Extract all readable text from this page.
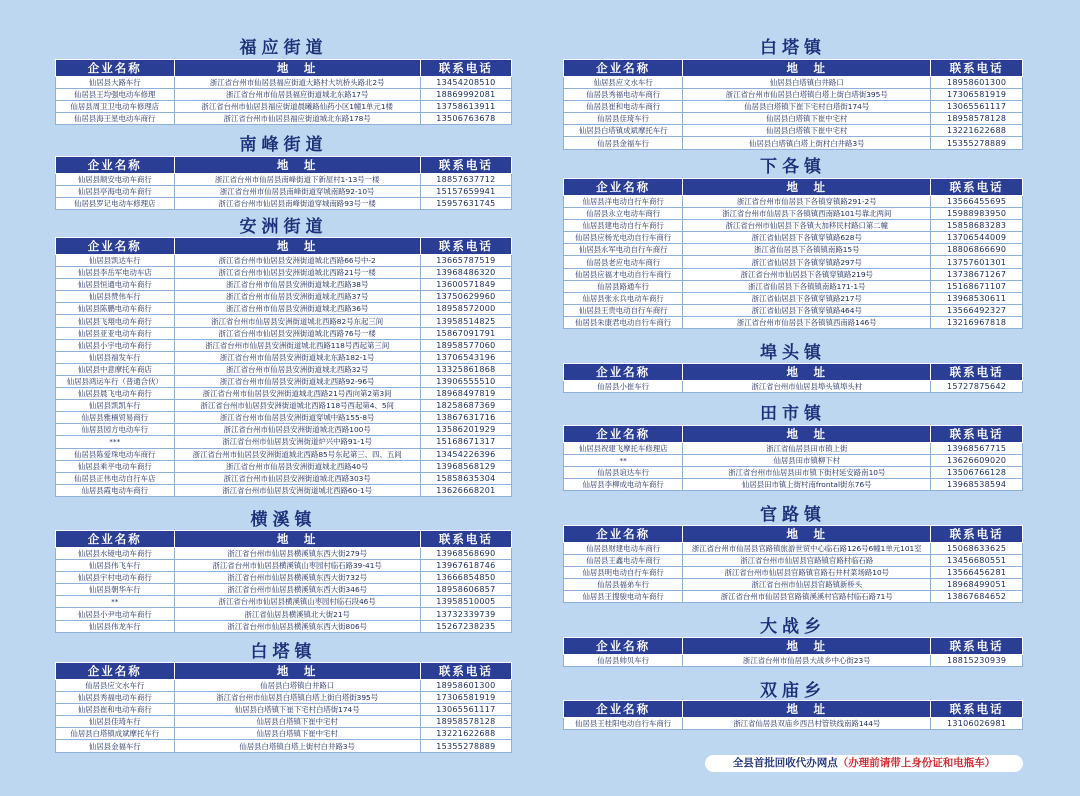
福应街道
企业名称	地　址	联系电话
仙居县大路车行	浙江省台州市仙居县福应街道大路村大坑桥头路北2号	13454208510
仙居县王均强电动车修理	浙江省台州市仙居县福应街道城北东路17号	18869992081
仙居县周卫卫电动车修理店	浙江省台州市仙居县福应街道晨曦路仙药小区1幢1单元1楼	13758613911
仙居县海王星电动车商行	浙江省台州市仙居县福应街道城北东路178号	13506763678
南峰街道
企业名称	地　址	联系电话
仙居县顺安电动车商行	浙江省台州市仙居县南峰街道下新屋村1-13号一楼	18857637712
仙居县亭海电动车商行	浙江省台州市仙居县南峰街道穿城南路92-10号	15157659941
仙居县罗记电动车修理店	浙江省台州市仙居县南峰街道穿城南路93号一楼	15957631745
安洲街道
企业名称	地　址	联系电话
仙居县凯达车行	浙江省台州市仙居县安洲街道城北西路66号中-2	13665787519
仙居县李岳军电动车店	浙江省台州市仙居县安洲街道城北西路21号一楼	13968486320
仙居县恒通电动车商行	浙江省台州市仙居县安洲街道城北西路38号	13600571849
仙居县赞伟车行	浙江省台州市仙居县安洲街道城北西路37号	13750629960
仙居县陈鹏电动车商行	浙江省台州市仙居县安洲街道城北西路36号	18958572000
仙居县飞翔电动车商行	浙江省台州市仙居县安洲街道城北西路82号东起三间	13958514825
仙居县亚亚电动车商行	浙江省台州市仙居县安洲街道城北西路76号一楼	15867091791
仙居县小宇电动车商行	浙江省台州市仙居县安洲街道城北西路118号西起第三间	18958577060
仙居县福发车行	浙江省台州市仙居县安洲街道城北东路182-1号	13706543196
仙居县中意摩托车商店	浙江省台州市仙居县安洲街道城北西路32号	13325861868
仙居县鸿运车行（普通合伙）	浙江省台州市仙居县安洲街道城北西路92-96号	13906555510
仙居县晨飞电动车商行	浙江省台州市仙居县安洲街道城北西路21号西向第2第3间	18968497819
仙居县凯凯车行	浙江省台州市仙居县安洲街道城北西路118号西起第4、5间	18258687369
仙居县雅楠贸易商行	浙江省台州市仙居县安洲街道穿城中路155-8号	13867631716
仙居县园方电动车行	浙江省台州市仙居县安洲街道城北西路100号	13586201929
***	浙江省台州市仙居县安洲街道炉兴中路91-1号	15168671317
仙居县陈爱珠电动车商行	浙江省台州市仙居县安洲街道城北西路85号东起第三、四、五间	13454226396
仙居县乘平电动车商行	浙江省台州市仙居县安洲街道城北西路40号	13968568129
仙居县正伟电动自行车店	浙江省台州市仙居县安洲街道城北西路303号	15858635304
仙居县霞电动车商行	浙江省台州市仙居县安洲街道城北西路60-1号	13626668201
横溪镇
企业名称	地　址	联系电话
仙居县水镜电动车商行	浙江省台州市仙居县横溪镇东西大街279号	13968568690
仙居县伟飞车行	浙江省台州市仙居县横溪镇山枣园村临石路39-41号	13967618746
仙居县宇村电动车商行	浙江省台州市仙居县横溪镇东西大街732号	13666854850
仙居县朝华车行	浙江省台州市仙居县横溪镇东西大街346号	18958606857
**	浙江省台州市仙居县横溪镇山枣园村临石段46号	13958510005
仙居县小尹电动车商行	浙江省仙居县横溪镇北大街21号	13732339739
仙居县伟龙车行	浙江省台州市仙居县横溪镇东西大街806号	15267238235
白塔镇
企业名称	地　址	联系电话
仙居县应文水车行	仙居县白塔镇白井路口	18958601300
仙居县秀福电动车商行	浙江省台州市仙居县白塔镇白塔上街白塔街395号	17306581919
仙居县崔和电动车商行	仙居县白塔镇下崔下宅村白塔街174号	13065561117
仙居县佳琦车行	仙居县白塔镇下崔中宅村	18958578128
仙居县白塔镇成斌摩托车行	仙居县白塔镇下崔中宅村	13221622688
仙居县金福车行	仙居县白塔镇白塔上街村白井路3号	15355278889
白塔镇
企业名称	地　址	联系电话
仙居县应文水车行	仙居县白塔镇白井路口	18958601300
仙居县秀福电动车商行	浙江省台州市仙居县白塔镇白塔上街白塔街395号	17306581919
仙居县崔和电动车商行	仙居县白塔镇下崔下宅村白塔街174号	13065561117
仙居县佳琦车行	仙居县白塔镇下崔中宅村	18958578128
仙居县白塔镇成斌摩托车行	仙居县白塔镇下崔中宅村	13221622688
仙居县金福车行	仙居县白塔镇白塔上街村白井路3号	15355278889
下各镇
企业名称	地　址	联系电话
仙居县洋电动自行车商行	浙江省台州市仙居县下各镇穿镇路291-2号	13566455695
仙居县永立电动车商行	浙江省台州市仙居县下各镇镇西南路101号靠北两间	15988983950
仙居县建电动自行车商行	浙江省台州市仙居县下各镇大加移民村路口第二幢	15858683283
仙居县应杨光电动自行车商行	浙江省仙居县下各镇穿镇路628号	13706544009
仙居县永军电动自行车商行	浙江省仙居县下各镇镇南路15号	18806866690
仙居县老应电动车商行	浙江省仙居县下各镇穿镇路297号	13757601301
仙居县应福才电动自行车商行	浙江省台州市仙居县下各镇穿镇路219号	13738671267
仙居县路通车行	浙江省仙居县下各镇镇南路171-1号	15168671107
仙居县张永兵电动车商行	浙江省仙居县下各镇穿镇路217号	13968530611
仙居县王贵电动自行车商行	浙江省仙居县下各镇穿镇路464号	13566492327
仙居县朱康君电动自行车商行	浙江省台州市仙居县下各镇镇西南路146号	13216967818
埠头镇
企业名称	地　址	联系电话
仙居县小崔车行	浙江省台州市仙居县埠头镇埠头村	15727875642
田市镇
企业名称	地　址	联系电话
仙居县祝建飞摩托车修理店	浙江省仙居县田市镇上街	13968567715
**	仙居县田市镇柳下村	13626609020
仙居县谊达车行	浙江省台州市仙居县田市镇下街村延安路南10号	13506766128
仙居县李柳成电动车商行	仙居县田市镇上街村南frontal街东76号	13968538594
官路镇
企业名称	地　址	联系电话
仙居县财建电动车商行	浙江省台州市仙居县官路镇旅游世贸中心临石路126号6幢1单元101室	15068633625
仙居县王鑫电动车商行	浙江省台州市仙居县官路镇官路村临石路	13456680551
仙居县明电动自行车商行	浙江省台州市仙居县官路镇官路石井村菜场路10号	13566456281
仙居县福弟车行	浙江省台州市仙居县官路镇新桥头	18968499051
仙居县王搜骏电动车商行	浙江省台州市仙居县官路镇溪溪村官路村临石路71号	13867684652
大战乡
企业名称	地　址	联系电话
仙居县帅贝车行	浙江省台州市仙居县大战乡中心街23号	18815230939
双庙乡
企业名称	地　址	联系电话
仙居县王桂阳电动自行车商行	浙江省仙居县双庙乡西吕村管铁线南路144号	13106026981
全县首批回收代办网点（办理前请带上身份证和电瓶车）
